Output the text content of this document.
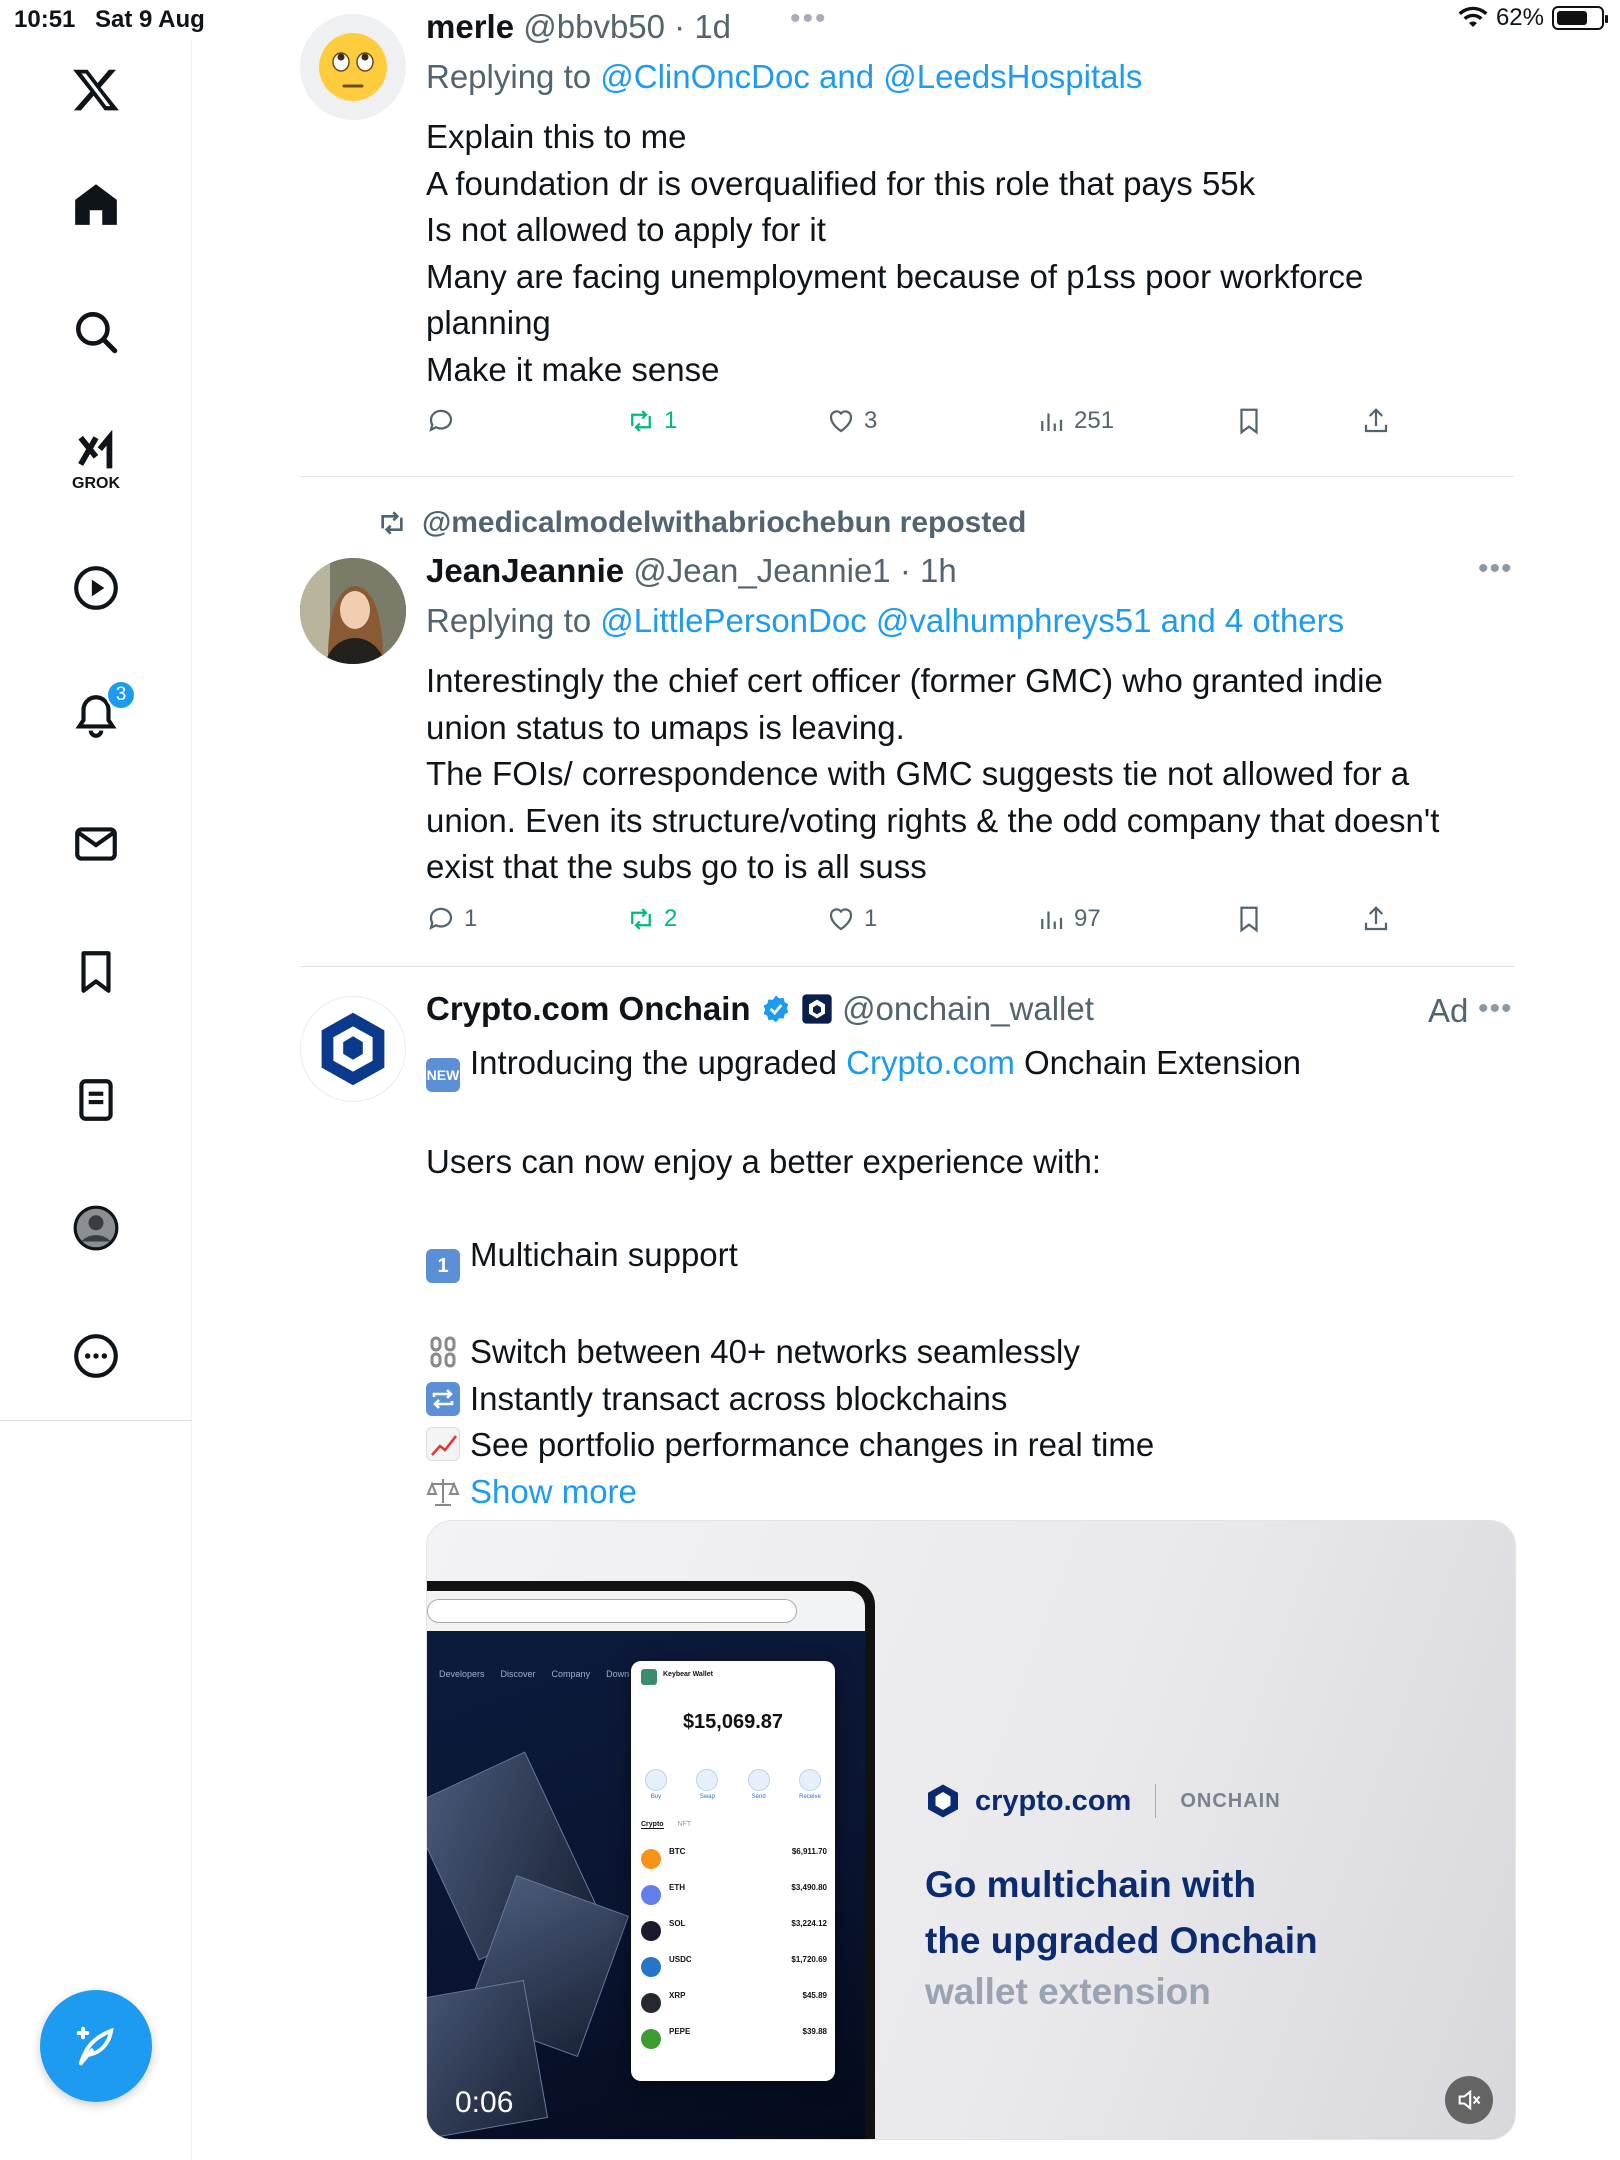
10:51 Sat 9 Aug	•••	62%
GROK
3
merle @bbvb50 · 1d
Replying to @ClinOncDoc and @LeedsHospitals
Explain this to me
A foundation dr is overqualified for this role that pays 55k
Is not allowed to apply for it
Many are facing unemployment because of p1ss poor workforce
planning
Make it make sense
1	3	251
@medicalmodelwithabriochebun reposted
JeanJeannie @Jean_Jeannie1 · 1h	•••
Replying to @LittlePersonDoc @valhumphreys51 and 4 others
Interestingly the chief cert officer (former GMC) who granted indie
union status to umaps is leaving.
The FOIs/ correspondence with GMC suggests tie not allowed for a
union. Even its structure/voting rights & the odd company that doesn't
exist that the subs go to is all suss
1	2	1	97
Crypto.com Onchain	@onchain_wallet	Ad •••
NEW Introducing the upgraded Crypto.com Onchain Extension
Users can now enjoy a better experience with:
1 Multichain support
Switch between 40+ networks seamlessly
Instantly transact across blockchains
See portfolio performance changes in real time
Show more
Developers Discover Company Down	Keybear Wallet
$15,069.87
Buy	Swap	Send	Receive
Crypto NFT
BTC	$6,911.70
ETH	$3,490.80
SOL	$3,224.12
USDC	$1,720.69
XRP	$45.89
PEPE	$39.88
0:06
crypto.com ONCHAIN
Go multichain with
the upgraded Onchain
wallet extension
